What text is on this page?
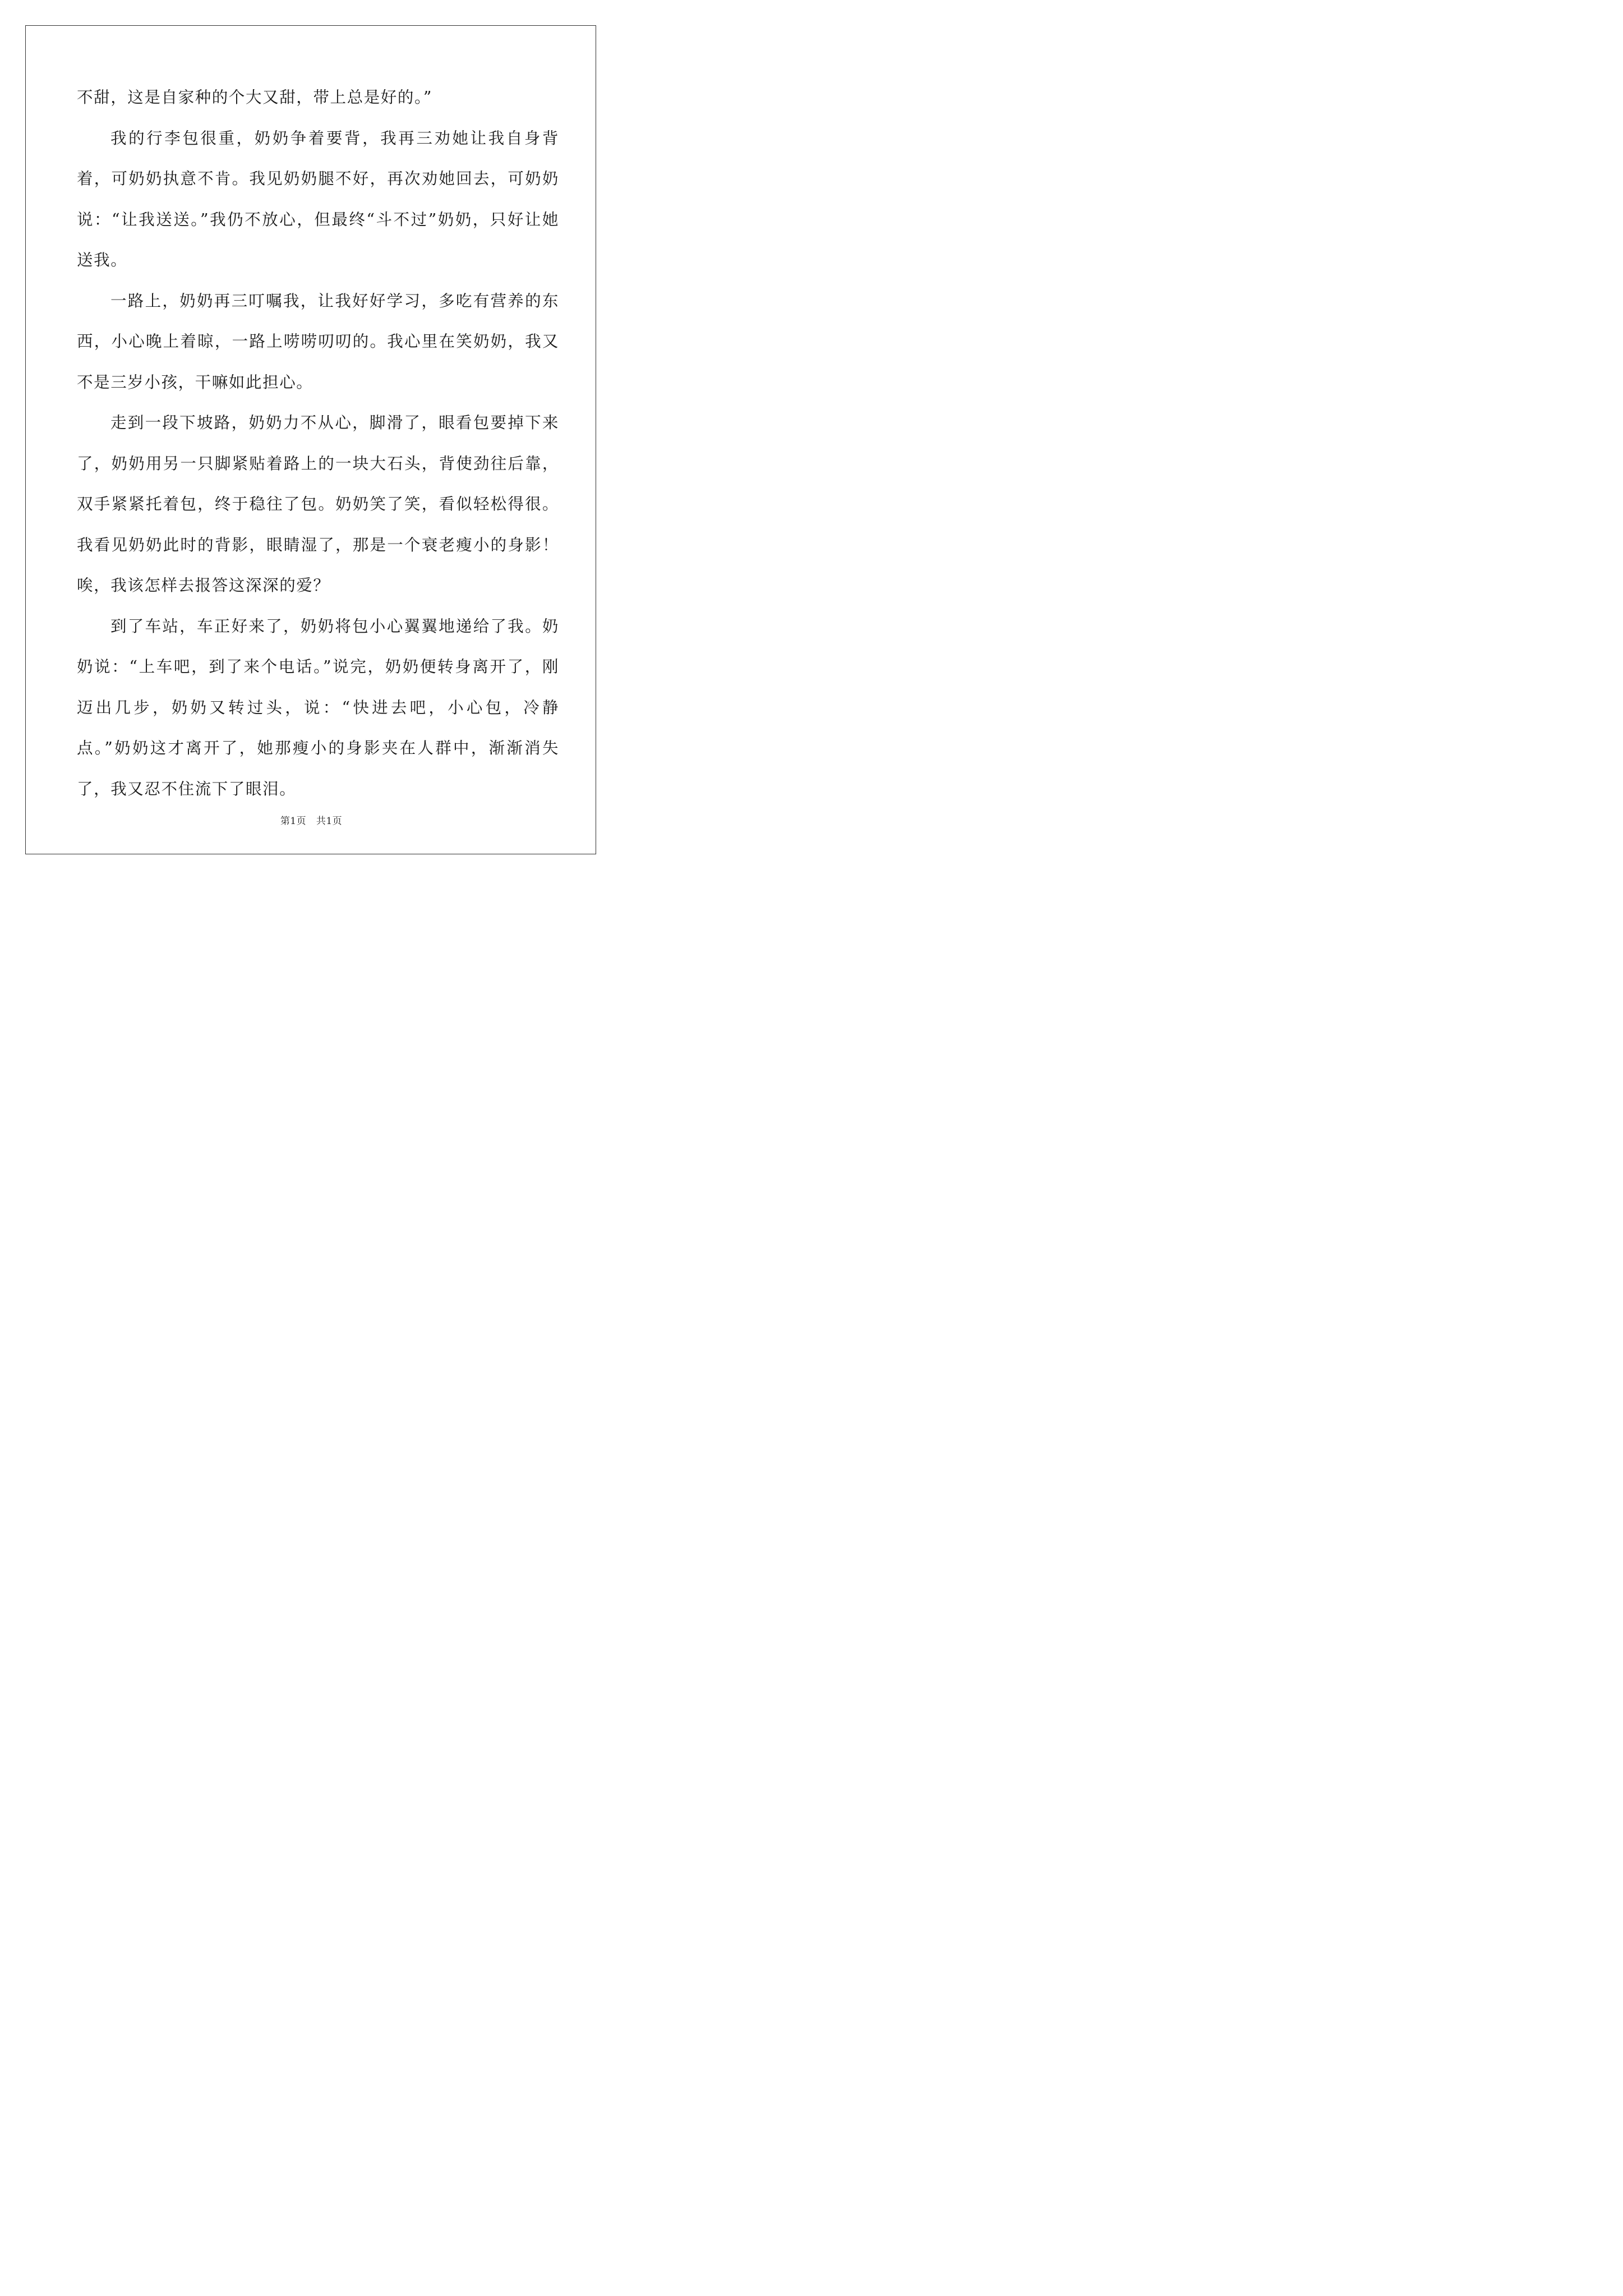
不甜，这是自家种的个大又甜，带上总是好的。”

我的行李包很重，奶奶争着要背，我再三劝她让我自身背着，可奶奶执意不肯。我见奶奶腿不好，再次劝她回去，可奶奶说：“让我送送。”我仍不放心，但最终“斗不过”奶奶，只好让她送我。

一路上，奶奶再三叮嘱我，让我好好学习，多吃有营养的东西，小心晚上着晾，一路上唠唠叨叨的。我心里在笑奶奶，我又不是三岁小孩，干嘛如此担心。

走到一段下坡路，奶奶力不从心，脚滑了，眼看包要掉下来了，奶奶用另一只脚紧贴着路上的一块大石头，背使劲往后靠，双手紧紧托着包，终于稳往了包。奶奶笑了笑，看似轻松得很。我看见奶奶此时的背影，眼睛湿了，那是一个衰老瘦小的身影！唉，我该怎样去报答这深深的爱？

到了车站，车正好来了，奶奶将包小心翼翼地递给了我。奶奶说：“上车吧，到了来个电话。”说完，奶奶便转身离开了，刚迈出几步，奶奶又转过头，说：“快进去吧，小心包，冷静点。”奶奶这才离开了，她那瘦小的身影夹在人群中，渐渐消失了，我又忍不住流下了眼泪。

第1页 共1页
